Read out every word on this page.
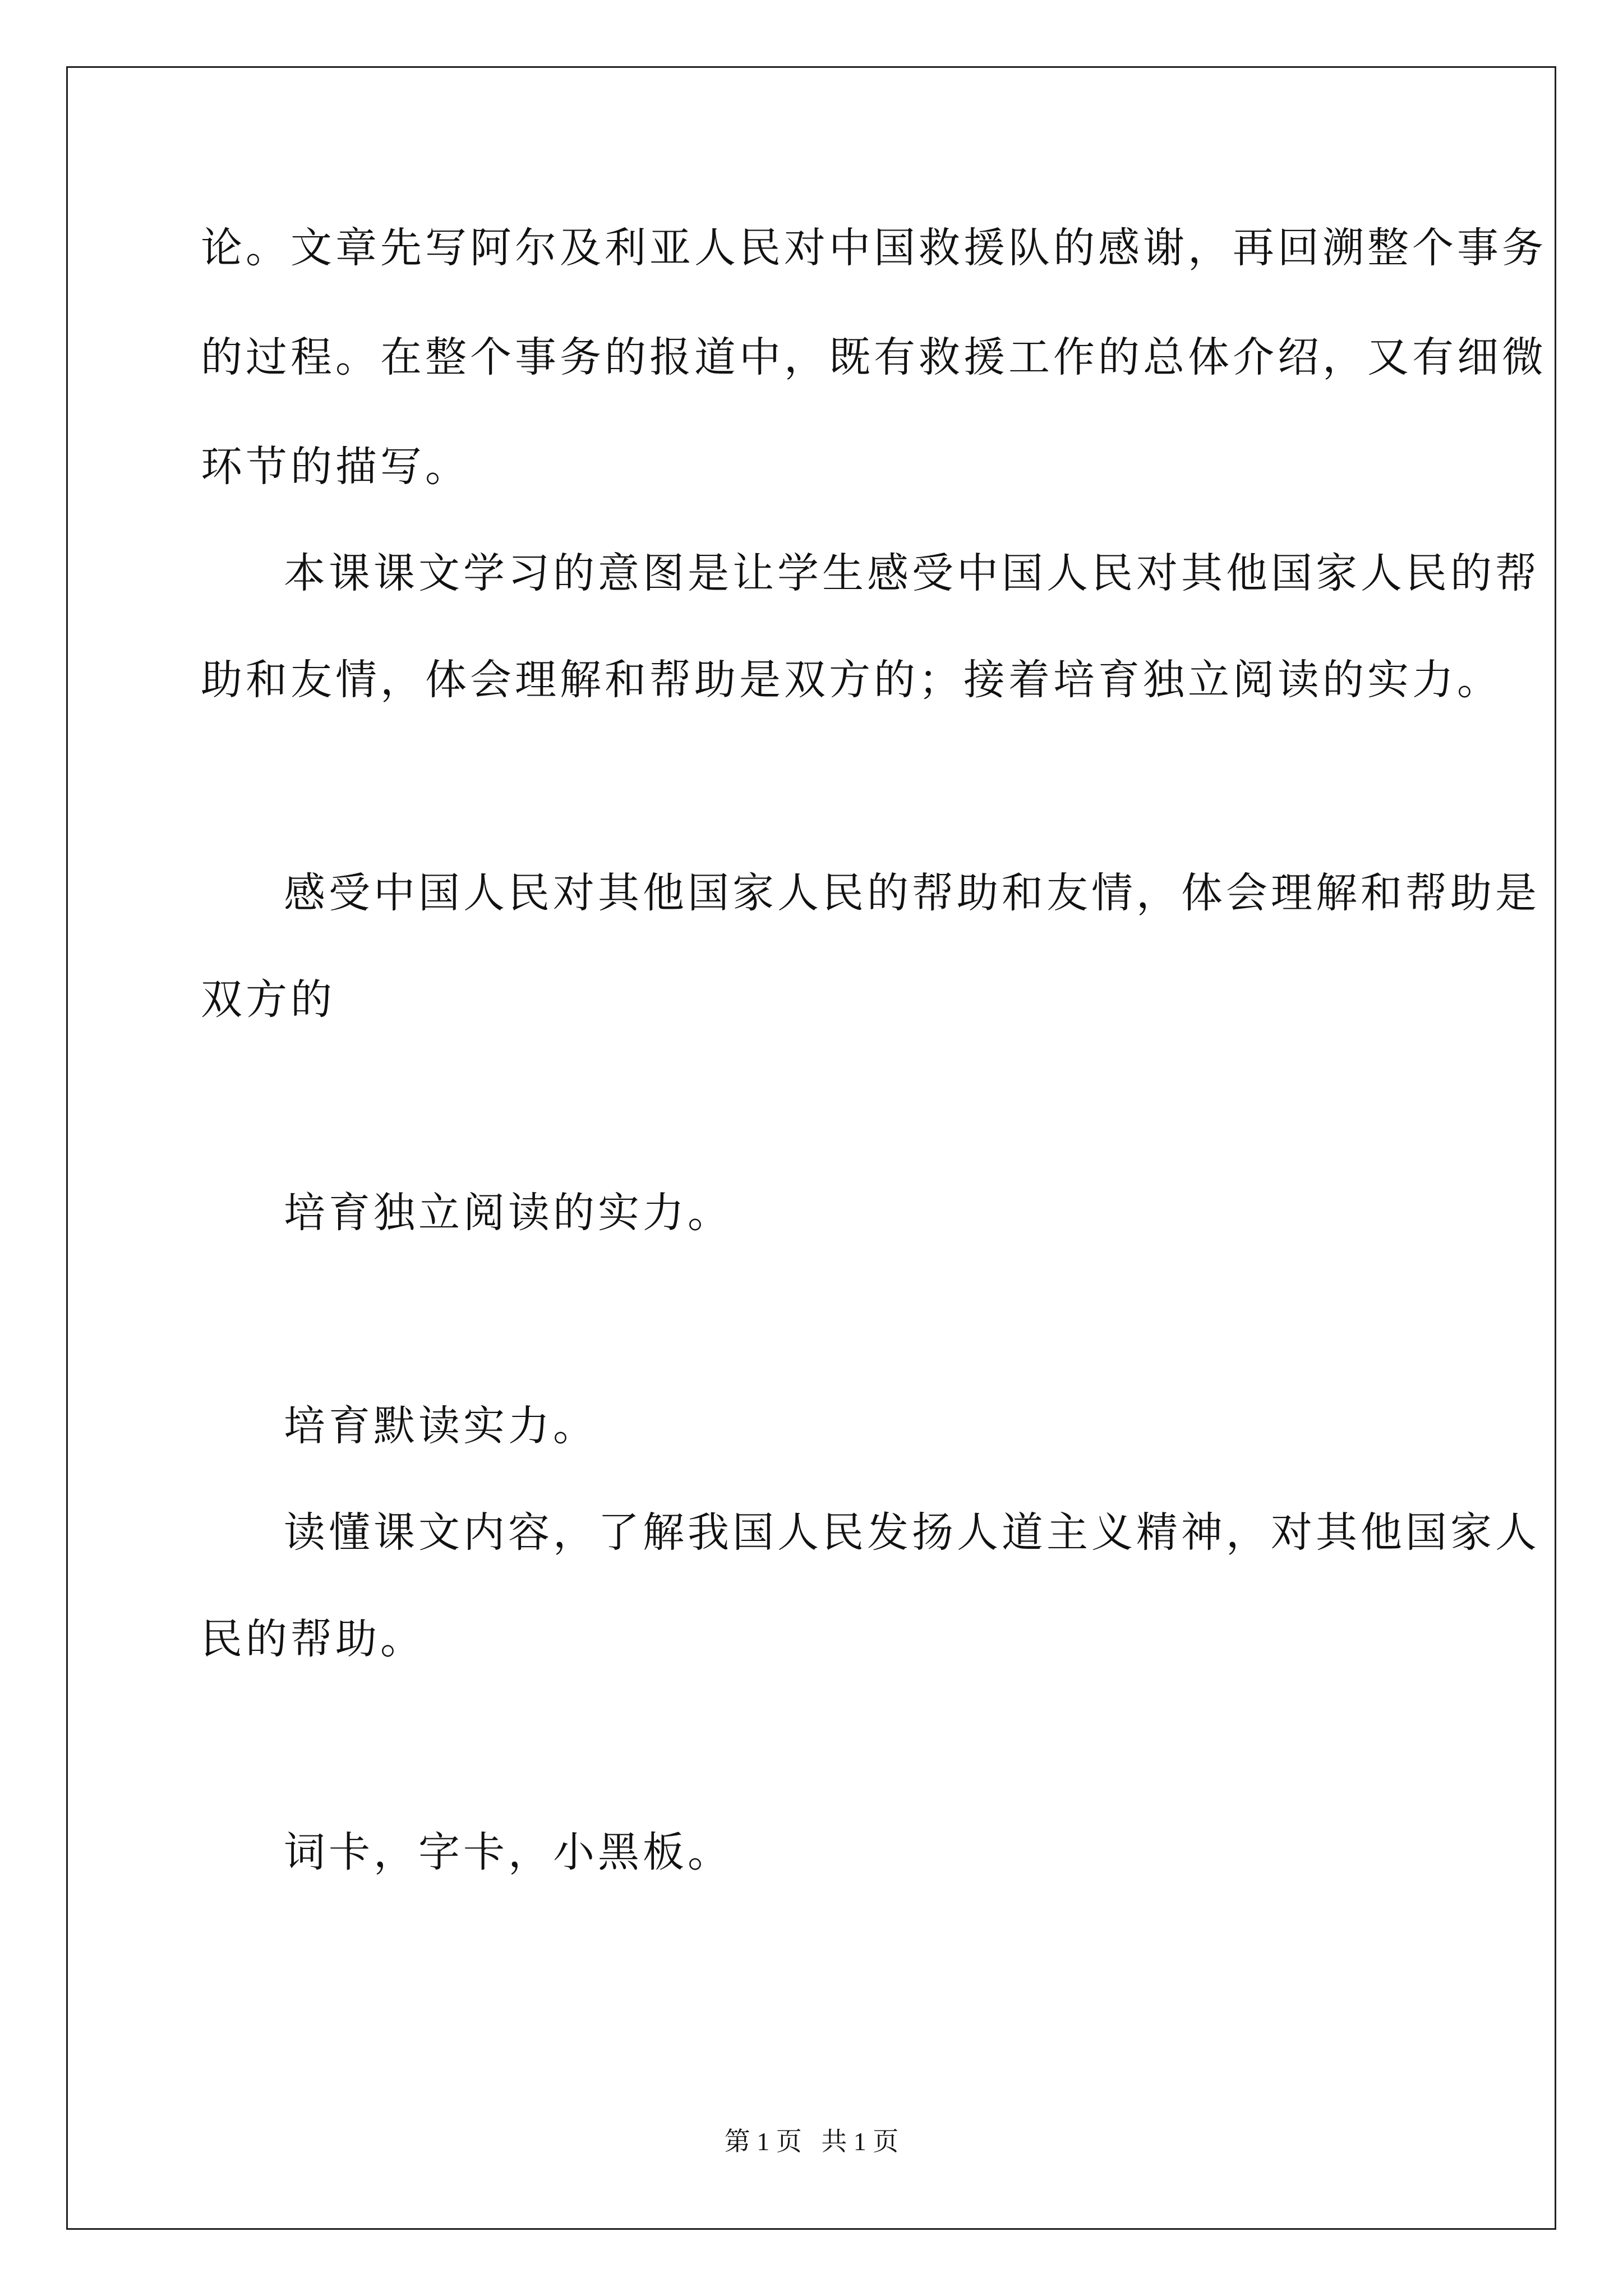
论。文章先写阿尔及利亚人民对中国救援队的感谢，再回溯整个事务
的过程。在整个事务的报道中，既有救援工作的总体介绍，又有细微
环节的描写。
本课课文学习的意图是让学生感受中国人民对其他国家人民的帮
助和友情，体会理解和帮助是双方的；接着培育独立阅读的实力。
感受中国人民对其他国家人民的帮助和友情，体会理解和帮助是
双方的
培育独立阅读的实力。
培育默读实力。
读懂课文内容，了解我国人民发扬人道主义精神，对其他国家人
民的帮助。
词卡，字卡，小黑板。
第 1 页 共 1 页
